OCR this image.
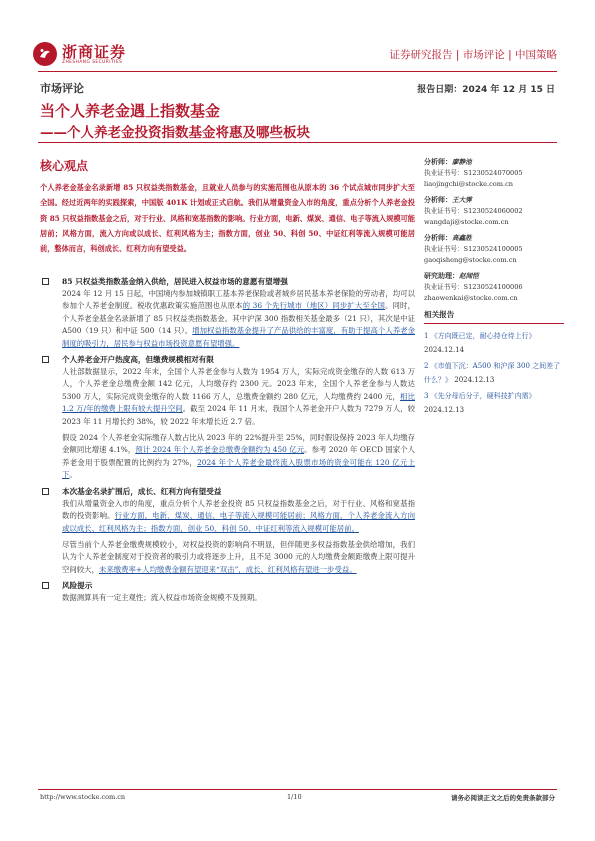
浙商证券
ZHESHANG SECURITIES
证券研究报告 | 市场评论 | 中国策略
市场评论	报告日期：2024 年 12 月 15 日
当个人养老金遇上指数基金
——个人养老金投资指数基金将惠及哪些板块
核心观点
个人养老金基金名录新增 85 只权益类指数基金，且就业人员参与的实施范围也从原本的 36 个试点城市同步扩大至全国。经过近两年的实践探索，中国版 401K 计划或正式启航。我们从增量资金入市的角度，重点分析个人养老金投资 85 只权益指数基金之后，对于行业、风格和宽基指数的影响。行业方面，电新、煤炭、通信、电子等流入规模可能居前；风格方面，流入方向或以成长、红利风格为主；指数方面，创业 50、科创 50、中证红利等流入规模可能居前，整体而言，科创成长、红利方向有望受益。
85 只权益类指数基金纳入供给，居民进入权益市场的意愿有望增强
2024 年 12 月 15 日起，中国境内参加城镇职工基本养老保险或者城乡居民基本养老保险的劳动者，均可以参加个人养老金制度。税收优惠政策实施范围也从原本的 36 个先行城市（地区）同步扩大至全国。同时，个人养老金基金名录新增了 85 只权益类指数基金。其中沪深 300 指数相关基金最多（21 只），其次是中证 A500（19 只）和中证 500（14 只）。增加权益指数基金提升了产品供给的丰富度，有助于提高个人养老金制度的吸引力，居民参与权益市场投资意愿有望增强。
个人养老金开户热度高，但缴费规模相对有限
人社部数据显示，2022 年末，全国个人养老金参与人数为 1954 万人，实际完成资金缴存的人数 613 万人，个人养老金总缴费金额 142 亿元，人均缴存约 2300 元。2023 年末，全国个人养老金参与人数达 5300 万人，实际完成资金缴存的人数 1166 万人，总缴费金额约 280 亿元，人均缴费约 2400 元，相比 1.2 万/年的缴费上限有较大提升空间。截至 2024 年 11 月末，我国个人养老金开户人数为 7279 万人，较 2023 年 11 月增长约 38%，较 2022 年末增长近 2.7 倍。
假设 2024 个人养老金实际缴存人数占比从 2023 年的 22%提升至 25%，同时假设保持 2023 年人均缴存金额同比增速 4.1%，预计 2024 年个人养老金总缴费金额约为 450 亿元。参考 2020 年 OECD 国家个人养老金用于股票配置的比例约为 27%，2024 年个人养老金最终流入股票市场的资金可能在 120 亿元上下。
本次基金名录扩围后，成长、红利方向有望受益
我们从增量资金入市的角度，重点分析个人养老金投资 85 只权益指数基金之后，对于行业、风格和宽基指数的投资影响。行业方面，电新、煤炭、通信、电子等流入规模可能居前；风格方面，个人养老金流入方向或以成长、红利风格为主；指数方面，创业 50、科创 50、中证红利等流入规模可能居前。
尽管当前个人养老金缴费规模较小，对权益投资的影响尚不明显，但伴随更多权益指数基金供给增加，我们认为个人养老金制度对于投资者的吸引力或将逐步上升，且不足 3000 元的人均缴费金额距缴费上限可提升空间较大，未来缴费率+人均缴费金额有望迎来“双击”，成长、红利风格有望进一步受益。
风险提示
数据测算具有一定主观性；流入权益市场资金规模不及预期。
分析师：廖静池
执业证书号：S1230524070005
liaojingchi@stocke.com.cn
分析师：王大霁
执业证书号：S1230524060002
wangdaji@stocke.com.cn
分析师：高鑫胜
执业证书号：S1230524100005
gaoqisheng@stocke.com.cn
研究助理：赵闻恺
执业证书号：S1230524100006
zhaowenkai@stocke.com.cn
相关报告
1 《方向既已定，耐心持仓待上行》 2024.12.14
2 《市值下沉：A500 和沪深 300 之间差了什么？》 2024.12.13
3 《先分母后分子，硬科技扩内需》 2024.12.13
http://www.stocke.com.cn	1/10	请务必阅读正文之后的免责条款部分
